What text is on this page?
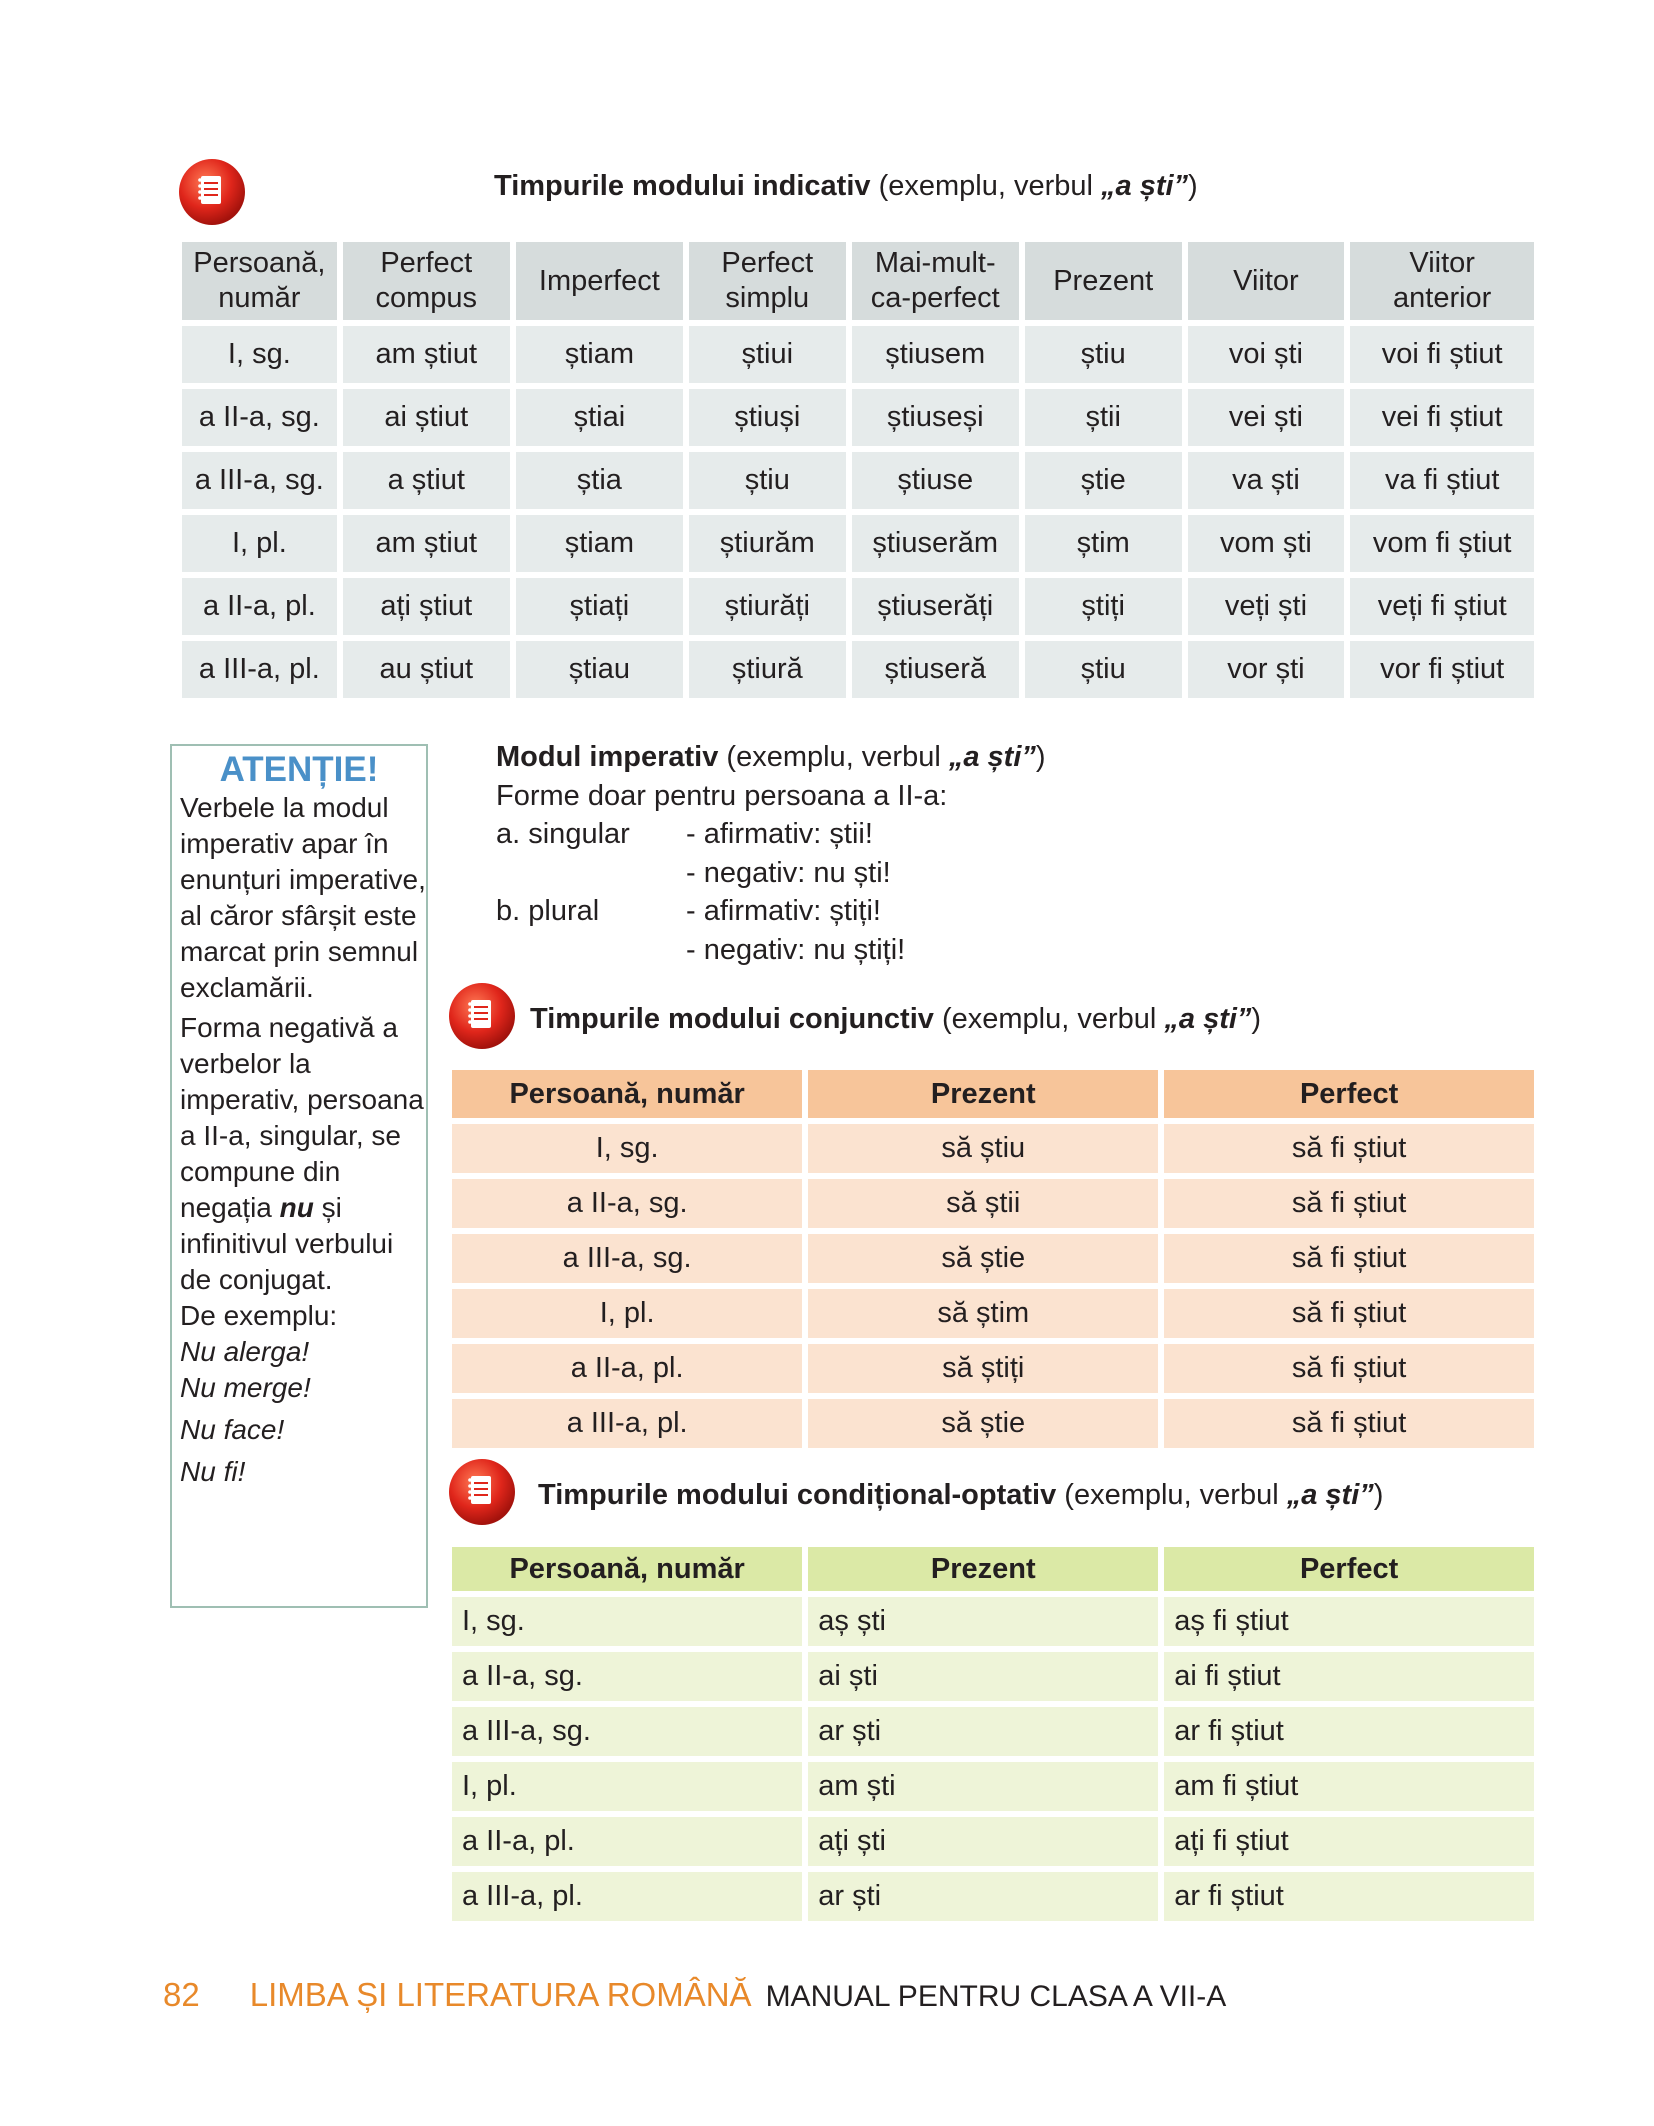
Timpurile modului indicativ (exemplu, verbul „a ști”)
Persoană, număr	Perfect compus	Imperfect	Perfect simplu	Mai-mult-ca-perfect	Prezent	Viitor	Viitor anterior
I, sg.	am știut	știam	știui	știusem	știu	voi ști	voi fi știut
a II-a, sg.	ai știut	știai	știuși	știuseși	știi	vei ști	vei fi știut
a III-a, sg.	a știut	știa	știu	știuse	știe	va ști	va fi știut
I, pl.	am știut	știam	știurăm	știuserăm	știm	vom ști	vom fi știut
a II-a, pl.	ați știut	știați	știurăți	știuserăți	știți	veți ști	veți fi știut
a III-a, pl.	au știut	știau	știură	știuseră	știu	vor ști	vor fi știut
ATENȚIE!

Verbele la modul imperativ apar în enunțuri imperative, al căror sfârșit este marcat prin semnul exclamării.

Forma negativă a verbelor la imperativ, persoana a II-a, singular, se compune din negația nu și infinitivul verbului de conjugat.

De exemplu:

Nu alerga!

Nu merge!

Nu face!

Nu fi!

Modul imperativ (exemplu, verbul „a ști”)
Forme doar pentru persoana a II-a:
a. singular	- afirmativ: știi!
- negativ: nu ști!
b. plural	- afirmativ: știți!
- negativ: nu știți!
Timpurile modului conjunctiv (exemplu, verbul „a ști”)
Persoană, număr	Prezent	Perfect
I, sg.	să știu	să fi știut
a II-a, sg.	să știi	să fi știut
a III-a, sg.	să știe	să fi știut
I, pl.	să știm	să fi știut
a II-a, pl.	să știți	să fi știut
a III-a, pl.	să știe	să fi știut
Timpurile modului condițional-optativ (exemplu, verbul „a ști”)
Persoană, număr	Prezent	Perfect
I, sg.	aș ști	aș fi știut
a II-a, sg.	ai ști	ai fi știut
a III-a, sg.	ar ști	ar fi știut
I, pl.	am ști	am fi știut
a II-a, pl.	ați ști	ați fi știut
a III-a, pl.	ar ști	ar fi știut
82 LIMBA ȘI LITERATURA ROMÂNĂ MANUAL PENTRU CLASA A VII-A
